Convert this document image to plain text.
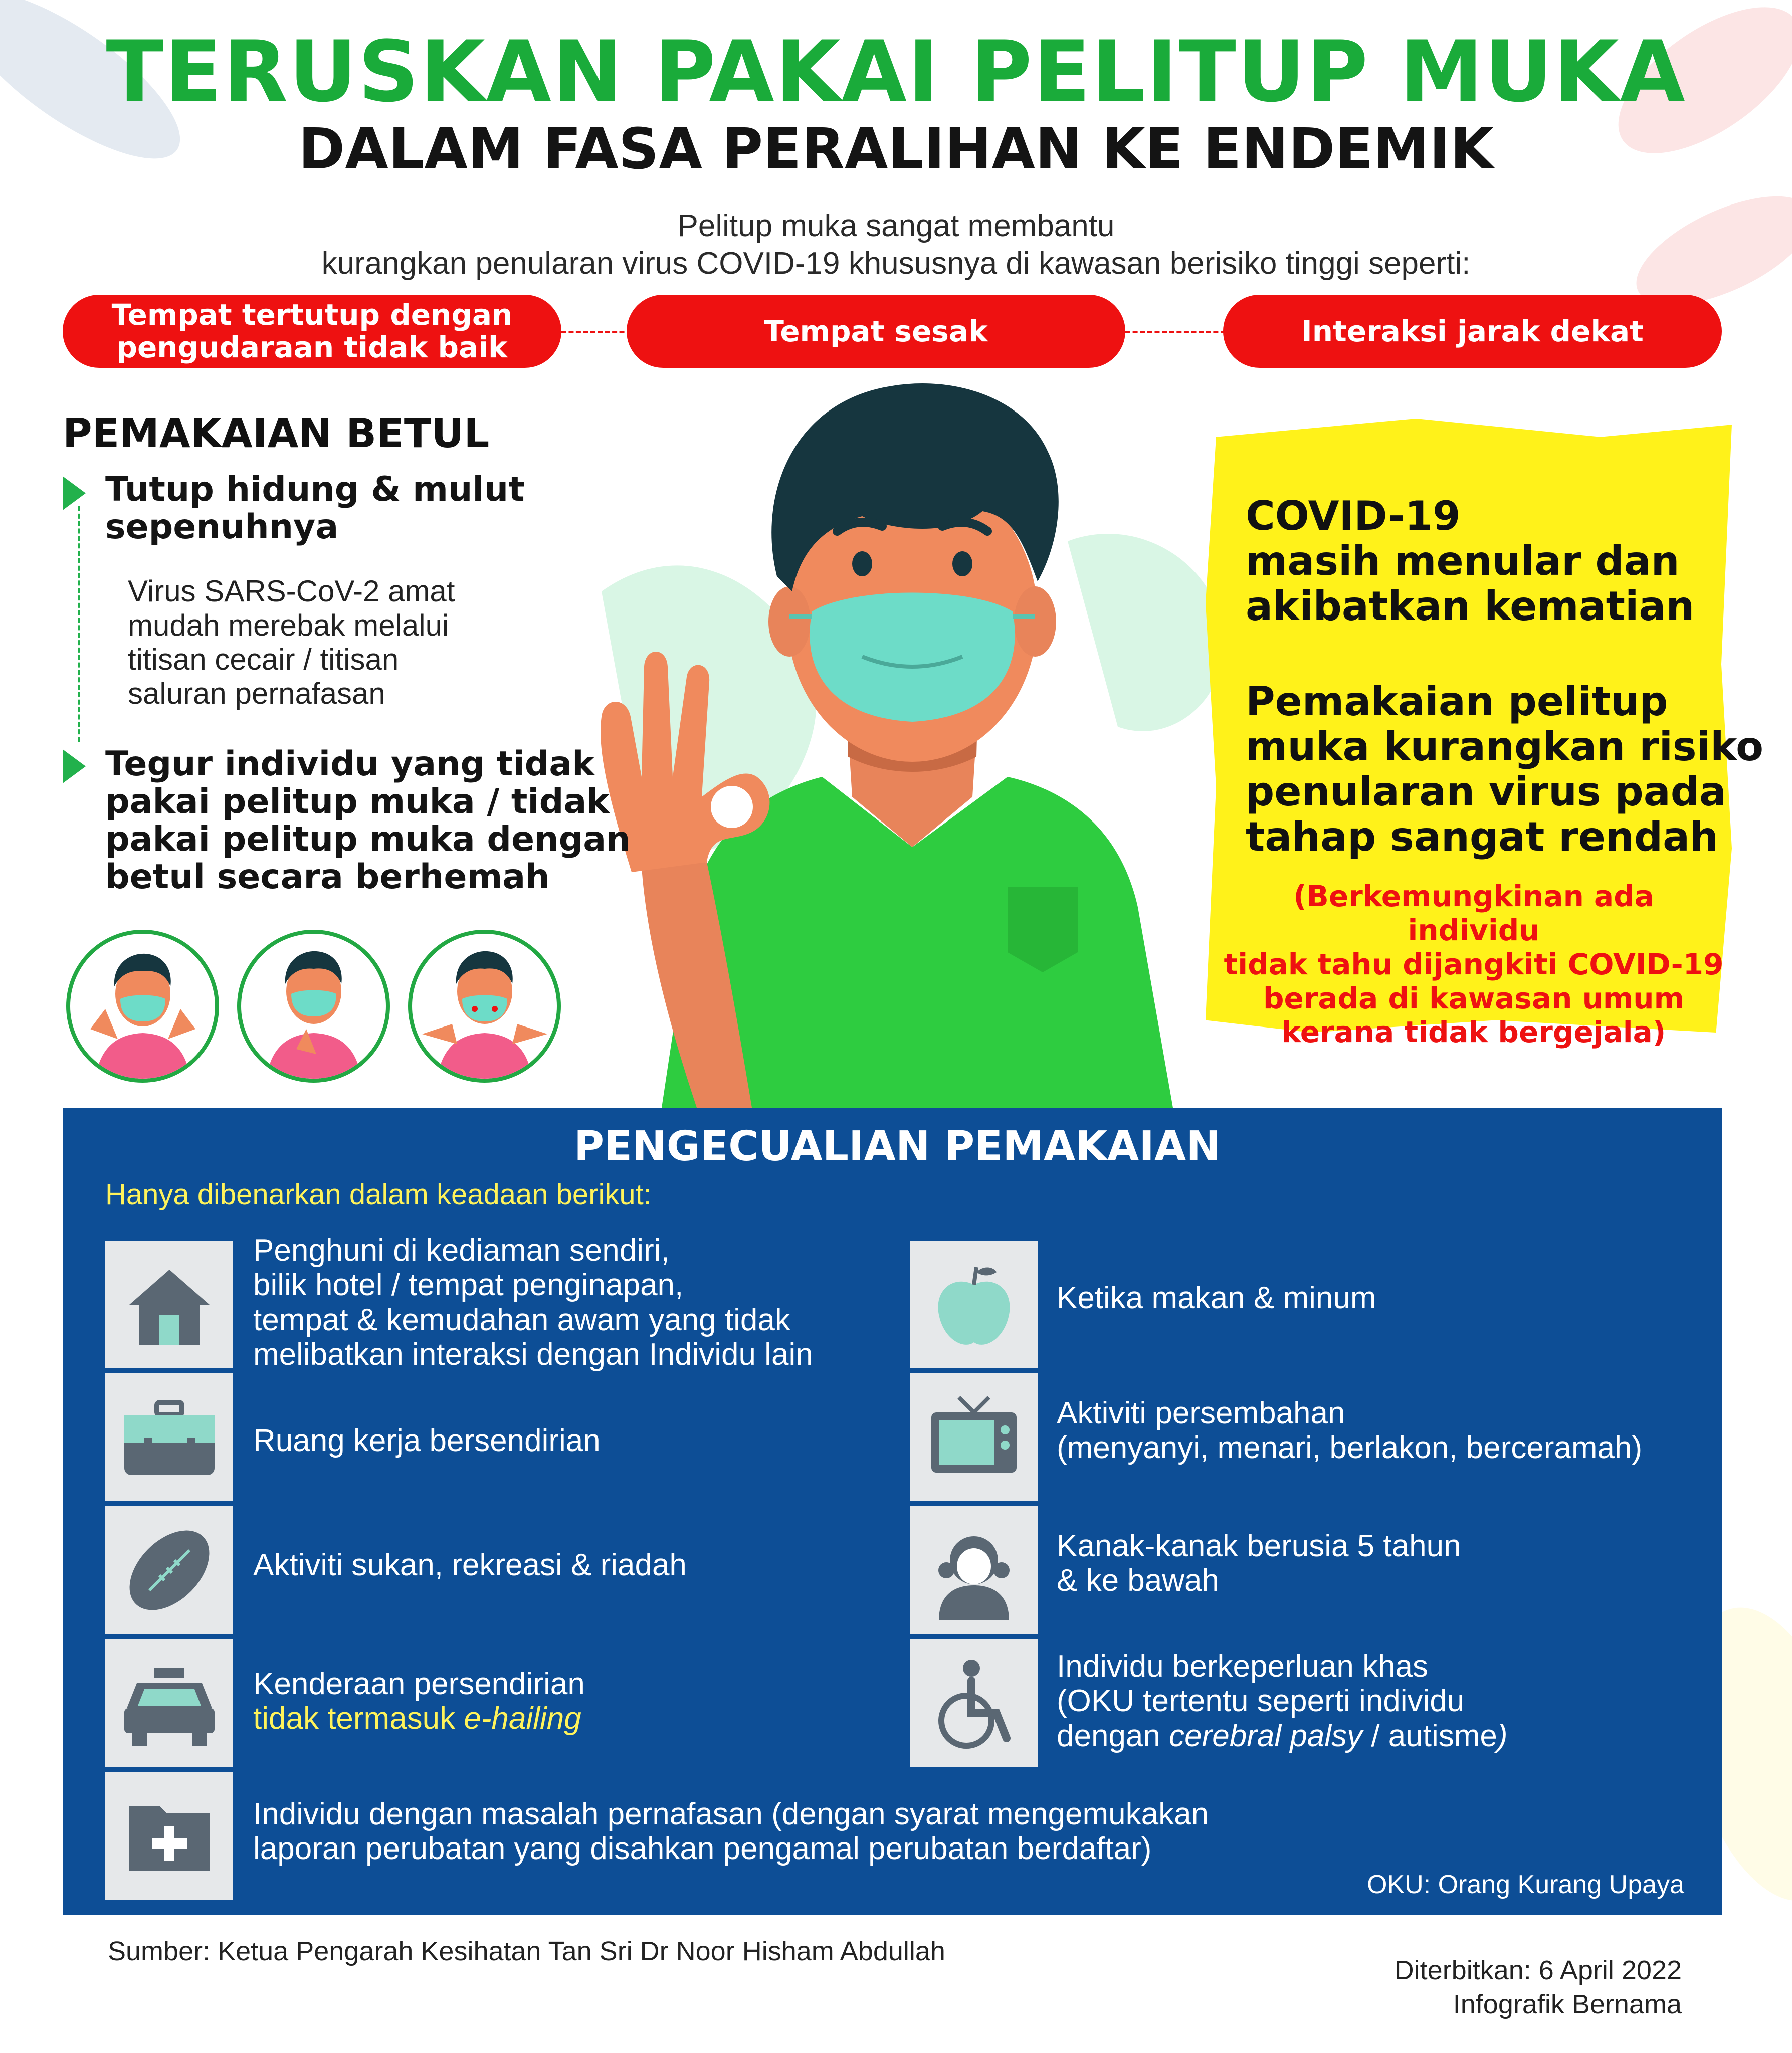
TERUSKAN PAKAI PELITUP MUKA
DALAM FASA PERALIHAN KE ENDEMIK
Pelitup muka sangat membantu
kurangkan penularan virus COVID-19 khususnya di kawasan berisiko tinggi seperti:
Tempat tertutup dengan
pengudaraan tidak baik	Tempat sesak	Interaksi jarak dekat
PEMAKAIAN BETUL
Tutup hidung & mulut
sepenuhnya
Virus SARS-CoV-2 amat
mudah merebak melalui
titisan cecair / titisan
saluran pernafasan
Tegur individu yang tidak
pakai pelitup muka / tidak
pakai pelitup muka dengan
betul secara berhemah
COVID-19
masih menular dan
akibatkan kematian
Pemakaian pelitup
muka kurangkan risiko
penularan virus pada
tahap sangat rendah
(Berkemungkinan ada individu
tidak tahu dijangkiti COVID-19
berada di kawasan umum
kerana tidak bergejala)
PENGECUALIAN PEMAKAIAN
Hanya dibenarkan dalam keadaan berikut:
Penghuni di kediaman sendiri,
bilik hotel / tempat penginapan,
tempat & kemudahan awam yang tidak
melibatkan interaksi dengan Individu lain
Ruang kerja bersendirian
Aktiviti sukan, rekreasi & riadah
Kenderaan persendirian
tidak termasuk e-hailing
Individu dengan masalah pernafasan (dengan syarat mengemukakan
laporan perubatan yang disahkan pengamal perubatan berdaftar)
Ketika makan & minum
Aktiviti persembahan
(menyanyi, menari, berlakon, berceramah)
Kanak-kanak berusia 5 tahun
& ke bawah
Individu berkeperluan khas
(OKU tertentu seperti individu
dengan cerebral palsy / autisme)
OKU: Orang Kurang Upaya
Sumber: Ketua Pengarah Kesihatan Tan Sri Dr Noor Hisham Abdullah
Diterbitkan: 6 April 2022
Infografik Bernama
